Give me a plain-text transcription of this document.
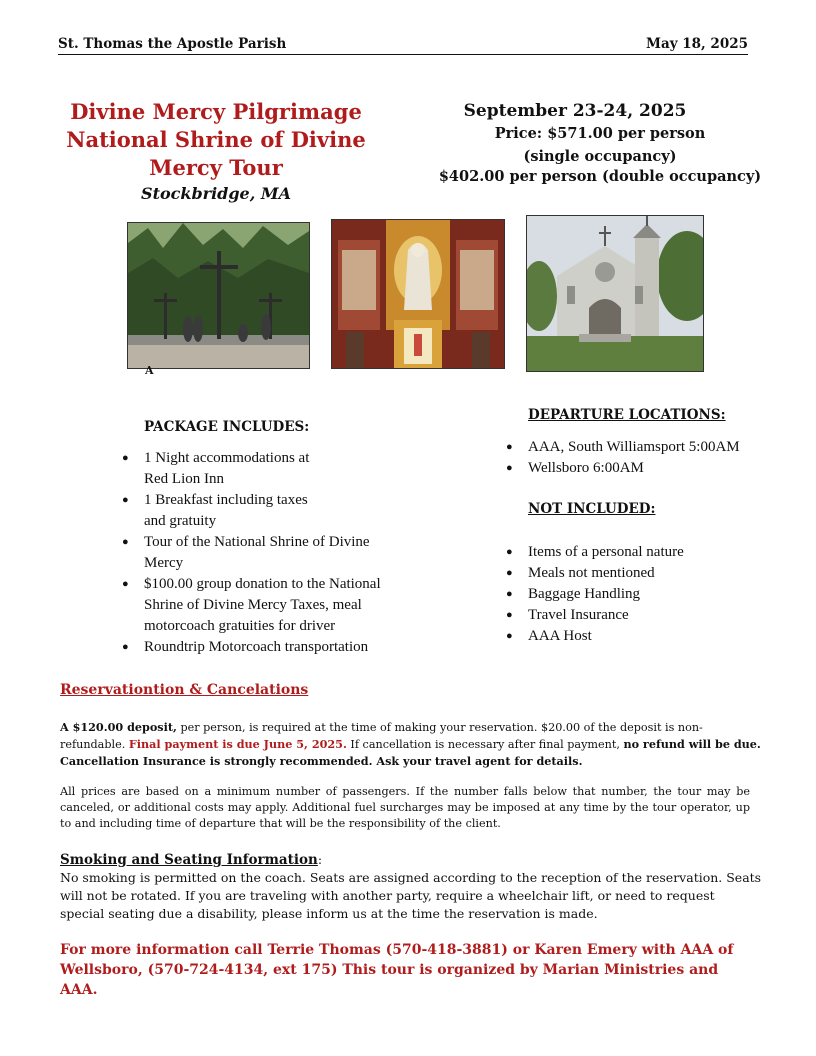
St. Thomas the Apostle Parish	May 18, 2025
Divine Mercy Pilgrimage
National Shrine of Divine
Mercy Tour
Stockbridge, MA
September 23-24, 2025
Price: $571.00 per person
(single occupancy)
$402.00 per person (double occupancy)
A
PACKAGE INCLUDES:
● 1 Night accommodations at
Red Lion Inn
● 1 Breakfast including taxes
and gratuity
● Tour of the National Shrine of Divine
Mercy
● $100.00 group donation to the National
Shrine of Divine Mercy Taxes, meal
motorcoach gratuities for driver
● Roundtrip Motorcoach transportation
DEPARTURE LOCATIONS:
● AAA, South Williamsport 5:00AM
● Wellsboro 6:00AM
NOT INCLUDED:
● Items of a personal nature
● Meals not mentioned
● Baggage Handling
● Travel Insurance
● AAA Host
Reservationtion & Cancelations
A $120.00 deposit, per person, is required at the time of making your reservation. $20.00 of the deposit is non-refundable. Final payment is due June 5, 2025. If cancellation is necessary after final payment, no refund will be due. Cancellation Insurance is strongly recommended. Ask your travel agent for details.
All prices are based on a minimum number of passengers. If the number falls below that number, the tour may be canceled, or additional costs may apply. Additional fuel surcharges may be imposed at any time by the tour operator, up to and including time of departure that will be the responsibility of the client.
Smoking and Seating Information:
No smoking is permitted on the coach. Seats are assigned according to the reception of the reservation. Seats will not be rotated. If you are traveling with another party, require a wheelchair lift, or need to request special seating due a disability, please inform us at the time the reservation is made.
For more information call Terrie Thomas (570-418-3881) or Karen Emery with AAA of Wellsboro, (570-724-4134, ext 175) This tour is organized by Marian Ministries and AAA.
